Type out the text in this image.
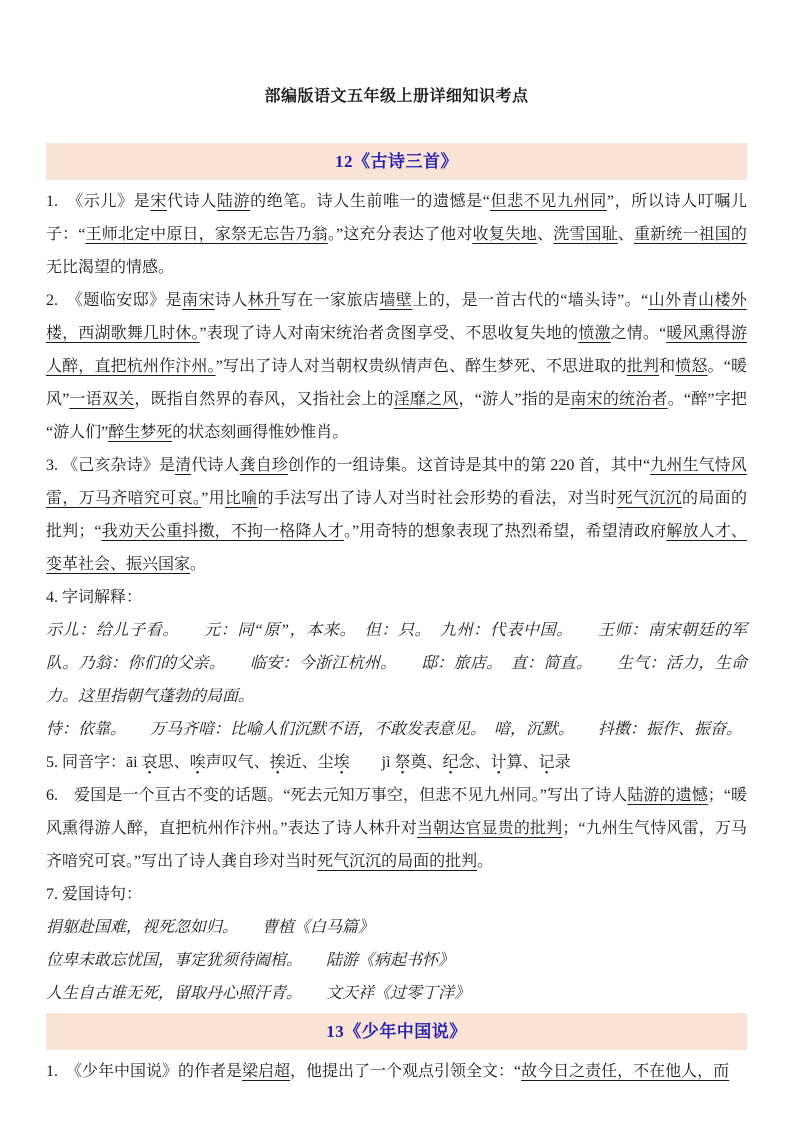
部编版语文五年级上册详细知识考点
12《古诗三首》

1.　《示儿》是宋代诗人陆游的绝笔。诗人生前唯一的遗憾是“但悲不见九州同”，所以诗人叮嘱儿子：“王师北定中原日，家祭无忘告乃翁。”这充分表达了他对收复失地、洗雪国耻、重新统一祖国的无比渴望的情感。

2.　《题临安邸》是南宋诗人林升写在一家旅店墙壁上的，是一首古代的“墙头诗”。“山外青山楼外楼，西湖歌舞几时休。”表现了诗人对南宋统治者贪图享受、不思收复失地的愤激之情。“暖风熏得游人醉，直把杭州作汴州。”写出了诗人对当朝权贵纵情声色、醉生梦死、不思进取的批判和愤怒。“暖风”一语双关，既指自然界的春风，又指社会上的淫靡之风，“游人”指的是南宋的统治者。“醉”字把“游人们”醉生梦死的状态刻画得惟妙惟肖。

3. 《己亥杂诗》是清代诗人龚自珍创作的一组诗集。这首诗是其中的第 220 首，其中“九州生气恃风雷，万马齐喑究可哀。”用比喻的手法写出了诗人对当时社会形势的看法，对当时死气沉沉的局面的批判；“我劝天公重抖擞，不拘一格降人才。”用奇特的想象表现了热烈希望，希望清政府解放人才、变革社会、振兴国家。

4. 字词解释：

示儿：给儿子看。　　元：同“原”，本来。　但：只。　九州：代表中国。　　王师：南宋朝廷的军队。乃翁：你们的父亲。　　临安：今浙江杭州。　　邸：旅店。　直：简直。　　生气：活力，生命力。这里指朝气蓬勃的局面。

恃：依靠。　　万马齐喑：比喻人们沉默不语，不敢发表意见。　喑，沉默。　　抖擞：振作、振奋。

5. 同音字：āi 哀思、唉声叹气、挨近、尘埃　　jì 祭奠、纪念、计算、记录

6.　爱国是一个亘古不变的话题。“死去元知万事空，但悲不见九州同。”写出了诗人陆游的遗憾；“暖风熏得游人醉，直把杭州作汴州。”表达了诗人林升对当朝达官显贵的批判；“九州生气恃风雷，万马齐喑究可哀。”写出了诗人龚自珍对当时死气沉沉的局面的批判。

7. 爱国诗句：

捐躯赴国难，视死忽如归。　　曹植《白马篇》

位卑未敢忘忧国，事定犹须待阖棺。　　陆游《病起书怀》

人生自古谁无死，留取丹心照汗青。　　文天祥《过零丁洋》

13《少年中国说》

1.　《少年中国说》的作者是梁启超，他提出了一个观点引领全文：“故今日之责任，不在他人，而
